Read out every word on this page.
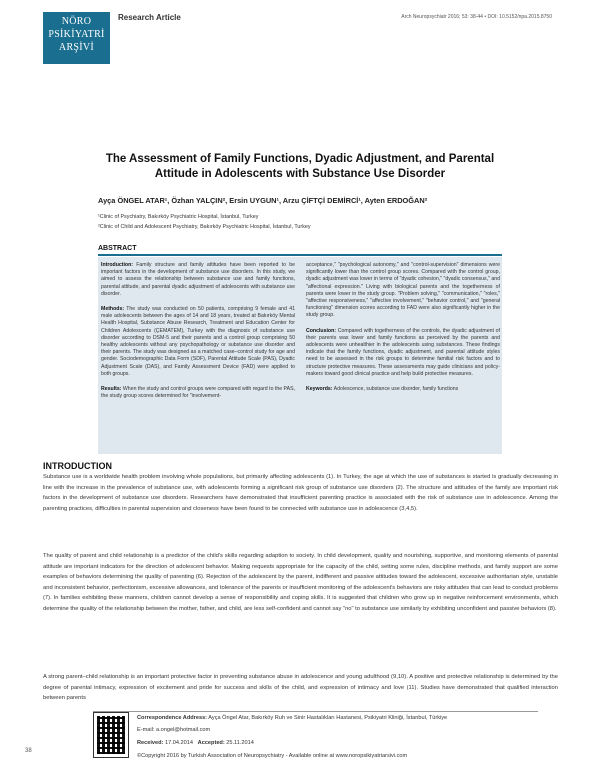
NÖRO
PSİKİYATRİ
ARŞİVİ
Research Article	Arch Neuropsychiatr 2016; 53: 38-44 • DOI: 10.5152/npa.2015.8750
The Assessment of Family Functions, Dyadic Adjustment, and Parental Attitude in Adolescents with Substance Use Disorder
Ayça ÖNGEL ATAR¹, Özhan YALÇIN², Ersin UYGUN¹, Arzu ÇİFTÇİ DEMİRCİ¹, Ayten ERDOĞAN²
¹Clinic of Psychiatry, Bakırköy Psychiatric Hospital, İstanbul, Turkey
²Clinic of Child and Adolescent Psychiatry, Bakırköy Psychiatric Hospital, İstanbul, Turkey
ABSTRACT

Introduction: Family structure and family attitudes have been reported to be important factors in the development of substance use disorders. In this study, we aimed to assess the relationship between substance use and family functions, parental attitude, and parental dyadic adjustment of adolescents with substance use disorder.

Methods: The study was conducted on 50 patients, comprising 9 female and 41 male adolescents between the ages of 14 and 18 years, treated at Bakırköy Mental Health Hospital, Substance Abuse Research, Treatment and Education Center for Children Adolescents (ÇEMATEM), Turkey with the diagnosis of substance use disorder according to DSM-5 and their parents and a control group comprising 50 healthy adolescents without any psychopathology or substance use disorder and their parents. The study was designed as a matched case–control study for age and gender. Sociodemographic Data Form (SDF), Parental Attitude Scale (PAS), Dyadic Adjustment Scale (DAS), and Family Assessment Device (FAD) were applied to both groups.

Results: When the study and control groups were compared with regard to the PAS, the study group scores determined for "involvement-

acceptance," "psychological autonomy," and "control-supervision" dimensions were significantly lower than the control group scores. Compared with the control group, dyadic adjustment was lower in terms of "dyadic cohesion," "dyadic consensus," and "affectional expression." Living with biological parents and the togetherness of parents were lower in the study group. "Problem solving," "communication," "roles," "affective responsiveness," "affective involvement," "behavior control," and "general functioning" dimension scores according to FAD were also significantly higher in the study group.

Conclusion: Compared with togetherness of the controls, the dyadic adjustment of their parents was lower and family functions as perceived by the parents and adolescents were unhealthier in the adolescents using substances. These findings indicate that the family functions, dyadic adjustment, and parental attitude styles need to be assessed in the risk groups to determine familial risk factors and to structure protective measures. These assessments may guide clinicians and policy-makers toward good clinical practice and help build protective measures.

Keywords: Adolescence, substance use disorder, family functions

INTRODUCTION
Substance use is a worldwide health problem involving whole populations, but primarily affecting adolescents (1). In Turkey, the age at which the use of substances is started is gradually decreasing in line with the increase in the prevalence of substance use, with adolescents forming a significant risk group of substance use disorders (2). The structure and attitudes of the family are important risk factors in the development of substance use disorders. Researchers have demonstrated that insufficient parenting practice is associated with the risk of substance use in adolescence. Among the parenting practices, difficulties in parental supervision and closeness have been found to be connected with substance use in adolescence (3,4,5).
The quality of parent and child relationship is a predictor of the child's skills regarding adaption to society. In child development, quality and nourishing, supportive, and monitoring elements of parental attitude are important indicators for the direction of adolescent behavior. Making requests appropriate for the capacity of the child, setting some rules, discipline methods, and family support are some examples of behaviors determining the quality of parenting (6). Rejection of the adolescent by the parent, indifferent and passive attitudes toward the adolescent, excessive authoritarian style, unstable and inconsistent behavior, perfectionism, excessive allowances, and tolerance of the parents or insufficient monitoring of the adolescent's behaviors are risky attitudes that can lead to conduct problems (7). In families exhibiting these manners, children cannot develop a sense of responsibility and coping skills. It is suggested that children who grow up in negative reinforcement environments, which determine the quality of the relationship between the mother, father, and child, are less self-confident and cannot say "no" to substance use similarly by exhibiting unconfident and passive behaviors (8).
A strong parent–child relationship is an important protective factor in preventing substance abuse in adolescence and young adulthood (9,10). A positive and protective relationship is determined by the degree of parental intimacy, expression of excitement and pride for success and skills of the child, and expression of intimacy and love (11). Studies have demonstrated that qualified interaction between parents
Correspondence Address: Ayça Öngel Atar, Bakırköy Ruh ve Sinir Hastalıkları Hastanesi, Psikiyatri Kliniği, İstanbul, Türkiye
E-mail: a.ongel@hotmail.com
Received: 17.04.2014 Accepted: 25.11.2014
©Copyright 2016 by Turkish Association of Neuropsychiatry - Available online at www.noropsikiyatriarsivi.com
38
